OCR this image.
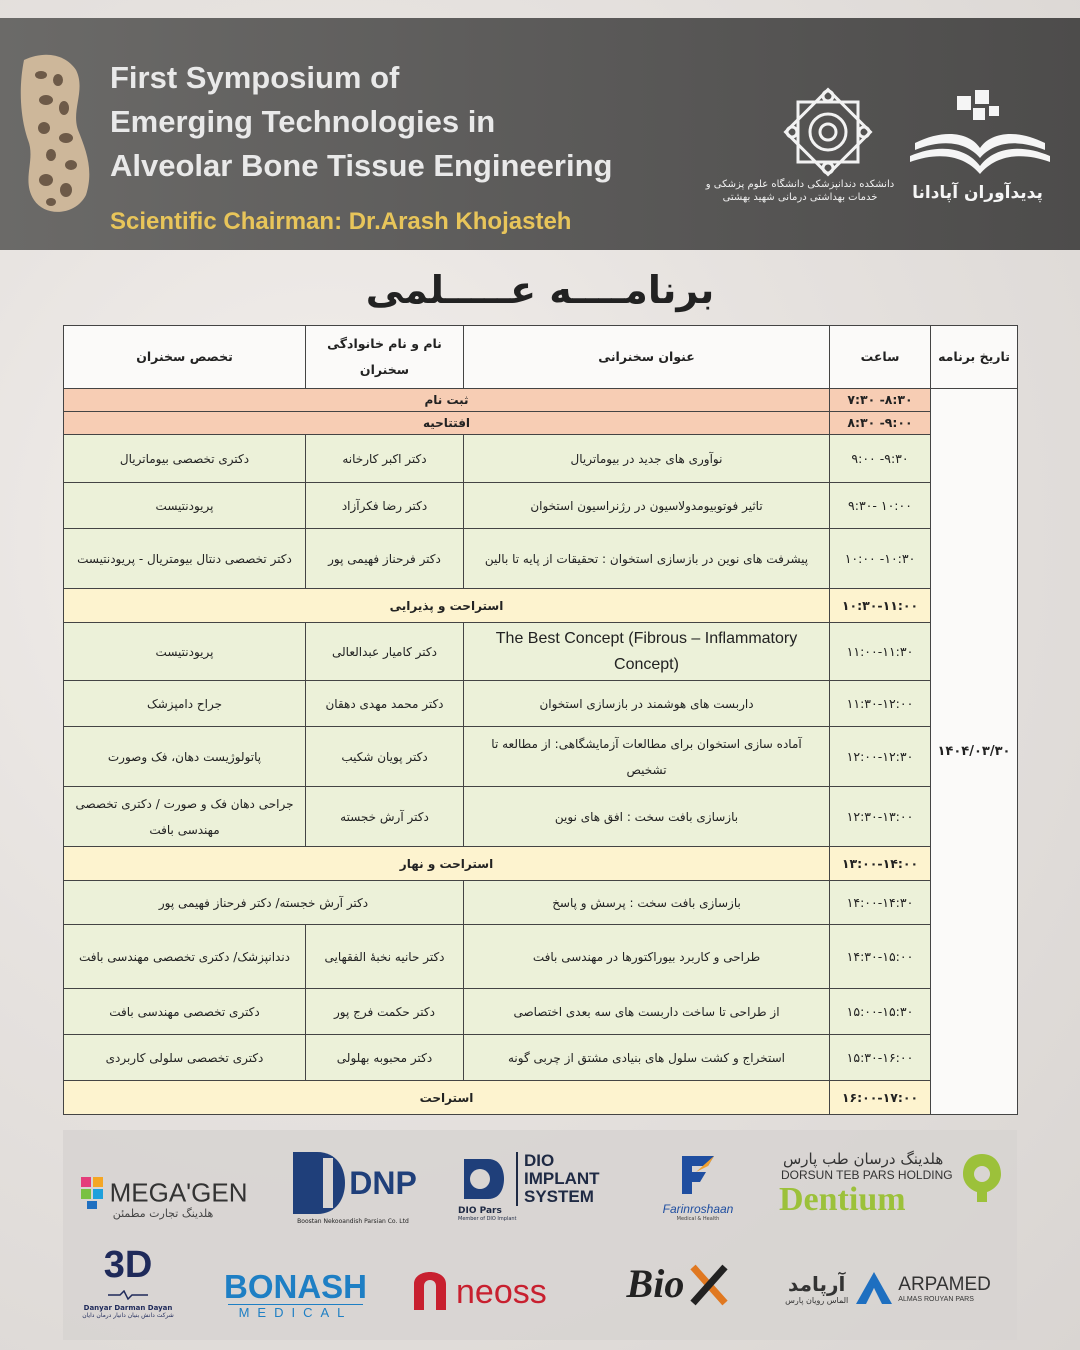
First Symposium of
Emerging Technologies in
Alveolar Bone Tissue Engineering
Scientific Chairman: Dr.Arash Khojasteh
دانشکده دندانپزشکی دانشگاه علوم پزشکی و خدمات بهداشتی درمانی شهید بهشتی	پدیدآوران آپادانا
برنامــــه عـــــلمی
تاریخ برنامه	ساعت	عنوان سخنرانی	نام و نام خانوادگی سخنران	تخصص سخنران
۱۴۰۴/۰۳/۳۰	۷:۳۰ -۸:۳۰	ثبت نام		
	۸:۳۰ -۹:۰۰	افتتاحیه		
	۹:۰۰ -۹:۳۰	نوآوری های جدید در بیوماتریال	دکتر اکبر کارخانه	دکتری تخصصی بیوماتریال
	۹:۳۰- ۱۰:۰۰	تاثیر فوتوبیومدولاسیون در رژنراسیون استخوان	دکتر رضا فکرآزاد	پریودنتیست
	۱۰:۰۰ -۱۰:۳۰	پیشرفت های نوین در بازسازی استخوان : تحقیقات از پایه تا بالین	دکتر فرحناز فهیمی پور	دکتر تخصصی دنتال بیومتریال - پریودنتیست
	۱۰:۳۰-۱۱:۰۰	استراحت و پذیرایی		
	۱۱:۰۰-۱۱:۳۰	The Best Concept (Fibrous – Inflammatory Concept)	دکتر کامیار عبدالعالی	پریودنتیست
	۱۱:۳۰-۱۲:۰۰	داربست های هوشمند در بازسازی استخوان	دکتر محمد مهدی دهقان	جراح دامپزشک
	۱۲:۰۰-۱۲:۳۰	آماده سازی استخوان برای مطالعات آزمایشگاهی: از مطالعه تا تشخیص	دکتر پویان شکیب	پاتولوژیست دهان، فک وصورت
	۱۲:۳۰-۱۳:۰۰	بازسازی بافت سخت : افق های نوین	دکتر آرش خجسته	جراحی دهان فک و صورت / دکتری تخصصی مهندسی بافت
	۱۳:۰۰-۱۴:۰۰	استراحت و نهار		
	۱۴:۰۰-۱۴:۳۰	بازسازی بافت سخت : پرسش و پاسخ	دکتر آرش خجسته/ دکتر فرحناز فهیمی پور	
	۱۴:۳۰-۱۵:۰۰	طراحی و کاربرد بیوراکتورها در مهندسی بافت	دکتر حانیه نخبهٔ الفقهایی	دندانپزشک/ دکتری تخصصی مهندسی بافت
	۱۵:۰۰-۱۵:۳۰	از طراحی تا ساخت داربست های سه بعدی اختصاصی	دکتر حکمت فرج پور	دکتری تخصصی مهندسی بافت
	۱۵:۳۰-۱۶:۰۰	استخراج و کشت سلول های بنیادی مشتق از چربی گونه	دکتر محبوبه بهلولی	دکتری تخصصی سلولی کاربردی
	۱۶:۰۰-۱۷:۰۰	استراحت		
MEGA'GEN
هلدینگ تجارت مطمئن
DNP
Boostan Nekooandish Parsian Co. Ltd
DIO IMPLANT SYSTEM
DIO Pars
Member of DIO Implant
Farinroshaan
Medical & Health
هلدینگ درسان طب پارس
DORSUN TEB PARS HOLDING
Dentium
3D
Danyar Darman Dayan
شرکت دانش بنیان دانیار درمان دایان
BONASH
MEDICAL
neoss Bio	آرپامد
الماس رویان پارس
ARPAMED
ALMAS ROUYAN PARS
